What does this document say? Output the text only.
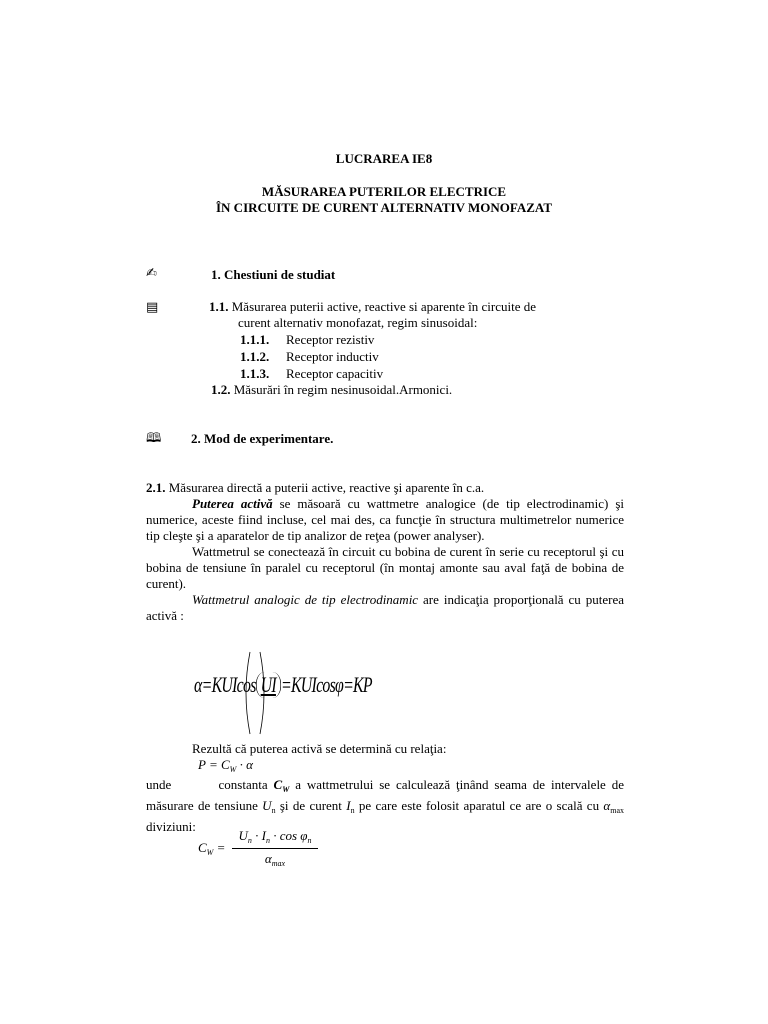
LUCRAREA IE8
MĂSURAREA PUTERILOR ELECTRICE
ÎN CIRCUITE DE CURENT ALTERNATIV MONOFAZAT
✍	1. Chestiuni de studiat
▤	1.1. Măsurarea puterii active, reactive si aparente în circuite de
curent alternativ monofazat, regim sinusoidal:
1.1.1. Receptor rezistiv
1.1.2. Receptor inductiv
1.1.3. Receptor capacitiv
1.2. Măsurări în regim nesinusoidal.Armonici.
🕮 2. Mod de experimentare.

2.1. Măsurarea directă a puterii active, reactive şi aparente în c.a.

Puterea activă se măsoară cu wattmetre analogice (de tip electrodinamic) şi numerice, aceste fiind incluse, cel mai des, ca funcţie în structura multimetrelor numerice tip cleşte şi a aparatelor de tip analizor de reţea (power analyser).

Wattmetrul se conectează în circuit cu bobina de curent în serie cu receptorul şi cu bobina de tensiune în paralel cu receptorul (în montaj amonte sau aval faţă de bobina de curent).

Wattmetrul analogic de tip electrodinamic are indicaţia proporţională cu puterea activă :

α=KUIcos UI =KUIcosφ=KP
Rezultă că puterea activă se determină cu relaţia:
$P = C_W \cdot \alpha$

unde	constanta $C_W$ a wattmetrului se calculează ţinând seama de intervalele de măsurare de tensiune $U_n$ şi de curent $I_n$ pe care este folosit aparatul ce are o scală cu $\alpha_{max}$ diviziuni:

$C_W$ =
$U_n \cdot I_n \cdot \cos \varphi_n$
$\alpha_{max}$
